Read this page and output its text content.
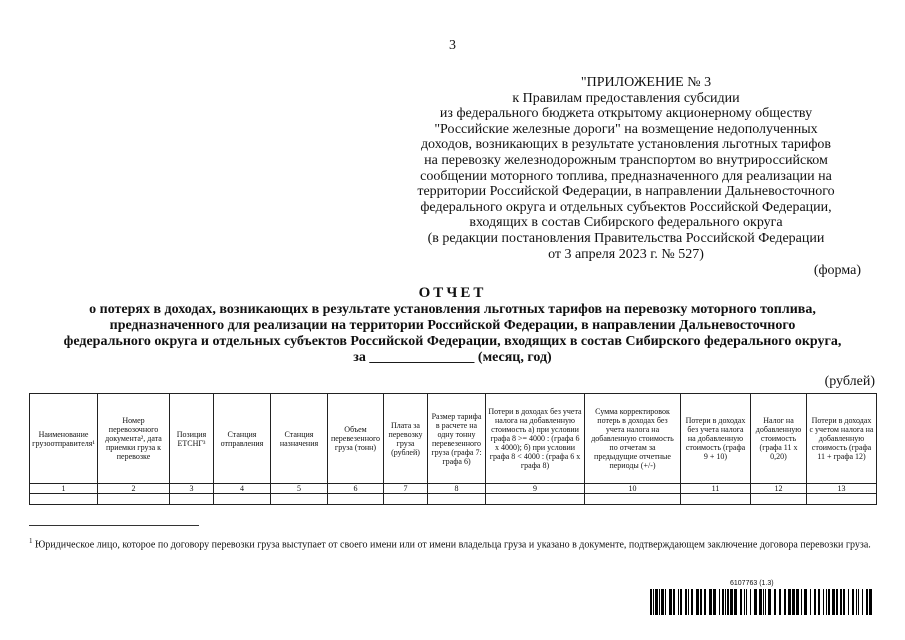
3
"ПРИЛОЖЕНИЕ № 3
к Правилам предоставления субсидии
из федерального бюджета открытому акционерному обществу
"Российские железные дороги" на возмещение недополученных
доходов, возникающих в результате установления льготных тарифов
на перевозку железнодорожным транспортом во внутрироссийском
сообщении моторного топлива, предназначенного для реализации на
территории Российской Федерации, в направлении Дальневосточного
федерального округа и отдельных субъектов Российской Федерации,
входящих в состав Сибирского федерального округа
(в редакции постановления Правительства Российской Федерации
от 3 апреля 2023 г. № 527)
(форма)
ОТЧЕТ
о потерях в доходах, возникающих в результате установления льготных тарифов на перевозку моторного топлива,
предназначенного для реализации на территории Российской Федерации, в направлении Дальневосточного
федерального округа и отдельных субъектов Российской Федерации, входящих в состав Сибирского федерального округа,
за _______________ (месяц, год)
(рублей)
Наименование грузоотправителя¹	Номер перевозочного документа², дата приемки груза к перевозке	Позиция ЕТСНГ³	Станция отправления	Станция назначения	Объем перевезенного груза (тонн)	Плата за перевозку груза (рублей)	Размер тарифа в расчете на одну тонну перевезенного груза (графа 7: графа 6)	Потери в доходах без учета налога на добавленную стоимость а) при условии графа 8 >= 4000 : (графа 6 x 4000); б) при условии графа 8 < 4000 : (графа 6 x графа 8)	Сумма корректировок потерь в доходах без учета налога на добавленную стоимость по отчетам за предыдущие отчетные периоды (+/-)	Потери в доходах без учета налога на добавленную стоимость (графа 9 + 10)	Налог на добавленную стоимость (графа 11 x 0,20)	Потери в доходах с учетом налога на добавленную стоимость (графа 11 + графа 12)
1	2	3	4	5	6	7	8	9	10	11	12	13

$^1$ Юридическое лицо, которое по договору перевозки груза выступает от своего имени или от имени владельца груза и указано в документе, подтверждающем заключение договора перевозки груза.
6107763 (1.3)
